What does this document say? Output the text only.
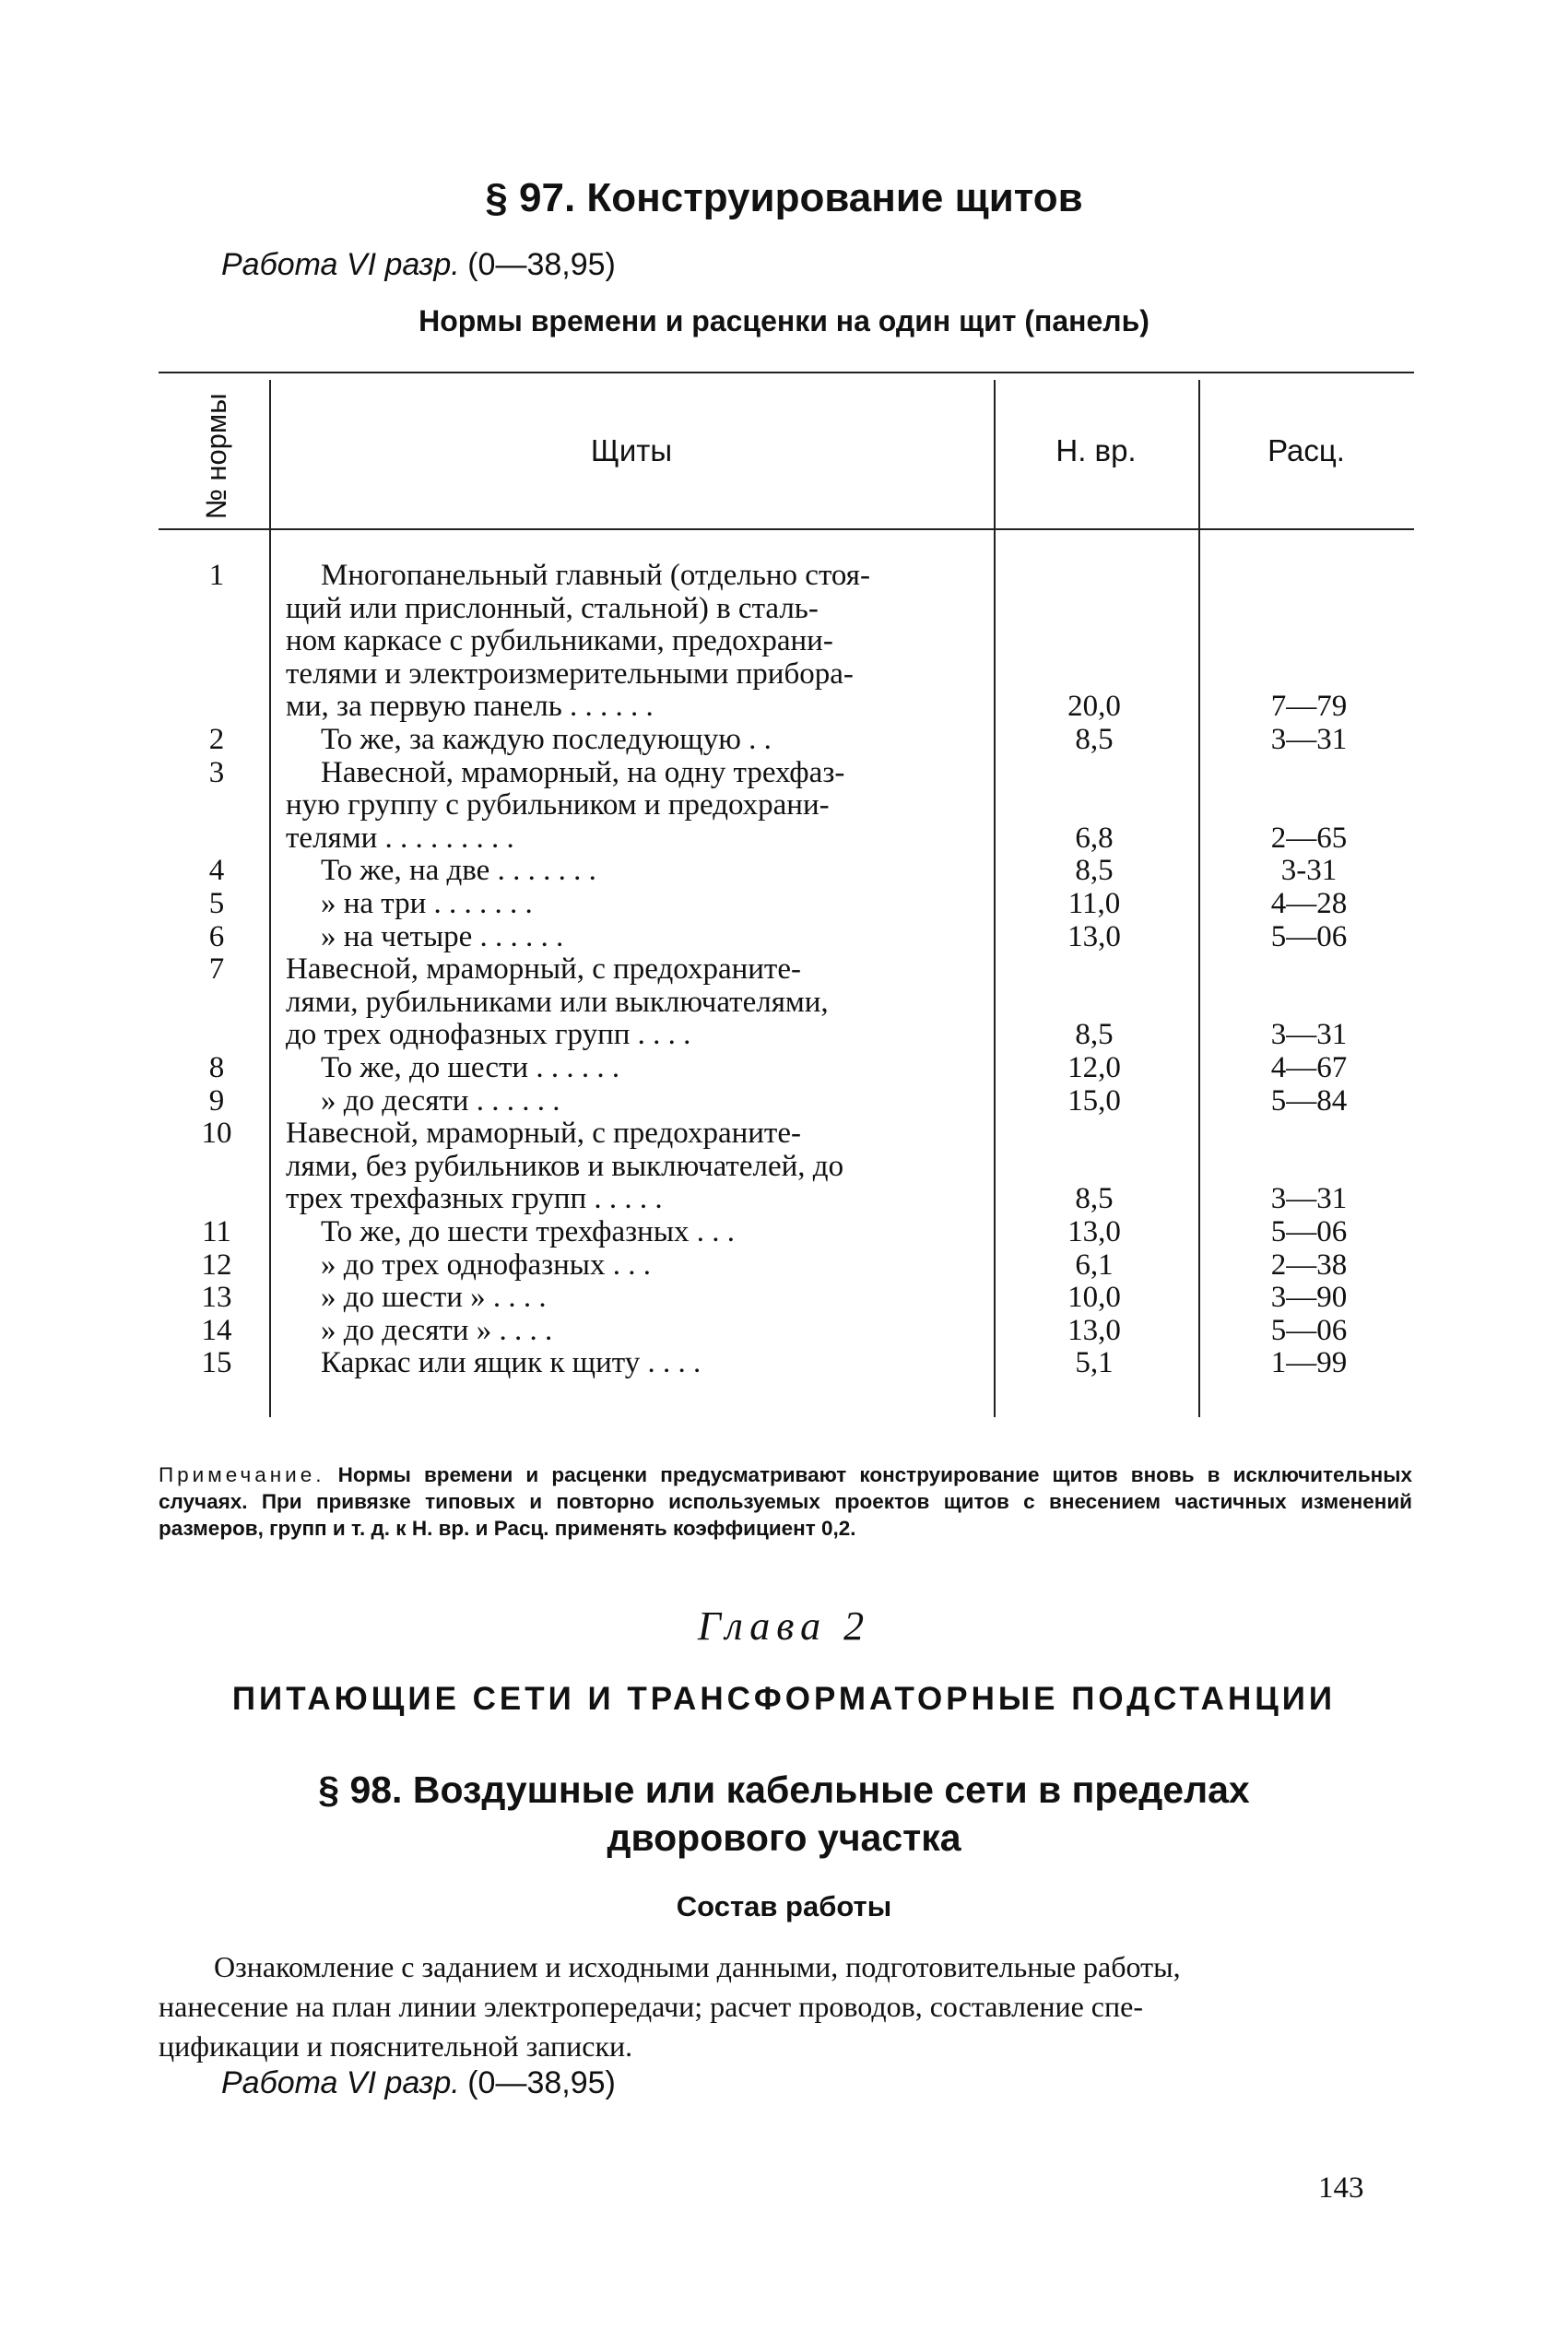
§ 97. Конструирование щитов
Работа VI разр. (0—38,95)
Нормы времени и расценки на один щит (панель)
№ нормы	Щиты	Н. вр.	Расц.
1	Многопанельный главный (отдельно стоя-
щий или прислонный, стальной) в сталь-
ном каркасе с рубильниками, предохрани-
телями и электроизмерительными прибора-
ми, за первую панель . . . . . .	20,0	7—79
2	То же, за каждую последующую . .	8,5	3—31
3	Навесной, мраморный, на одну трехфаз-
ную группу с рубильником и предохрани-
телями . . . . . . . . .	6,8	2—65
4	То же, на две . . . . . . .	8,5	3-31
5	» на три . . . . . . .	11,0	4—28
6	» на четыре . . . . . .	13,0	5—06
7	Навесной, мраморный, с предохраните-
лями, рубильниками или выключателями,
до трех однофазных групп . . . .	8,5	3—31
8	То же, до шести . . . . . .	12,0	4—67
9	» до десяти . . . . . .	15,0	5—84
10	Навесной, мраморный, с предохраните-
лями, без рубильников и выключателей, до
трех трехфазных групп . . . . .	8,5	3—31
11	То же, до шести трехфазных . . .	13,0	5—06
12	» до трех однофазных . . .	6,1	2—38
13	» до шести » . . . .	10,0	3—90
14	» до десяти » . . . .	13,0	5—06
15	Каркас или ящик к щиту . . . .	5,1	1—99
Примечание. Нормы времени и расценки предусматривают конструирование щитов вновь в исключительных случаях. При привязке типовых и повторно используемых проектов щитов с внесением частичных изменений размеров, групп и т. д. к Н. вр. и Расц. применять коэффициент 0,2.
Глава 2
ПИТАЮЩИЕ СЕТИ И ТРАНСФОРМАТОРНЫЕ ПОДСТАНЦИИ
§ 98. Воздушные или кабельные сети в пределах
дворового участка
Состав работы
Ознакомление с заданием и исходными данными, подготовительные работы,
нанесение на план линии электропередачи; расчет проводов, составление спе-
цификации и пояснительной записки.
Работа VI разр. (0—38,95)
143
